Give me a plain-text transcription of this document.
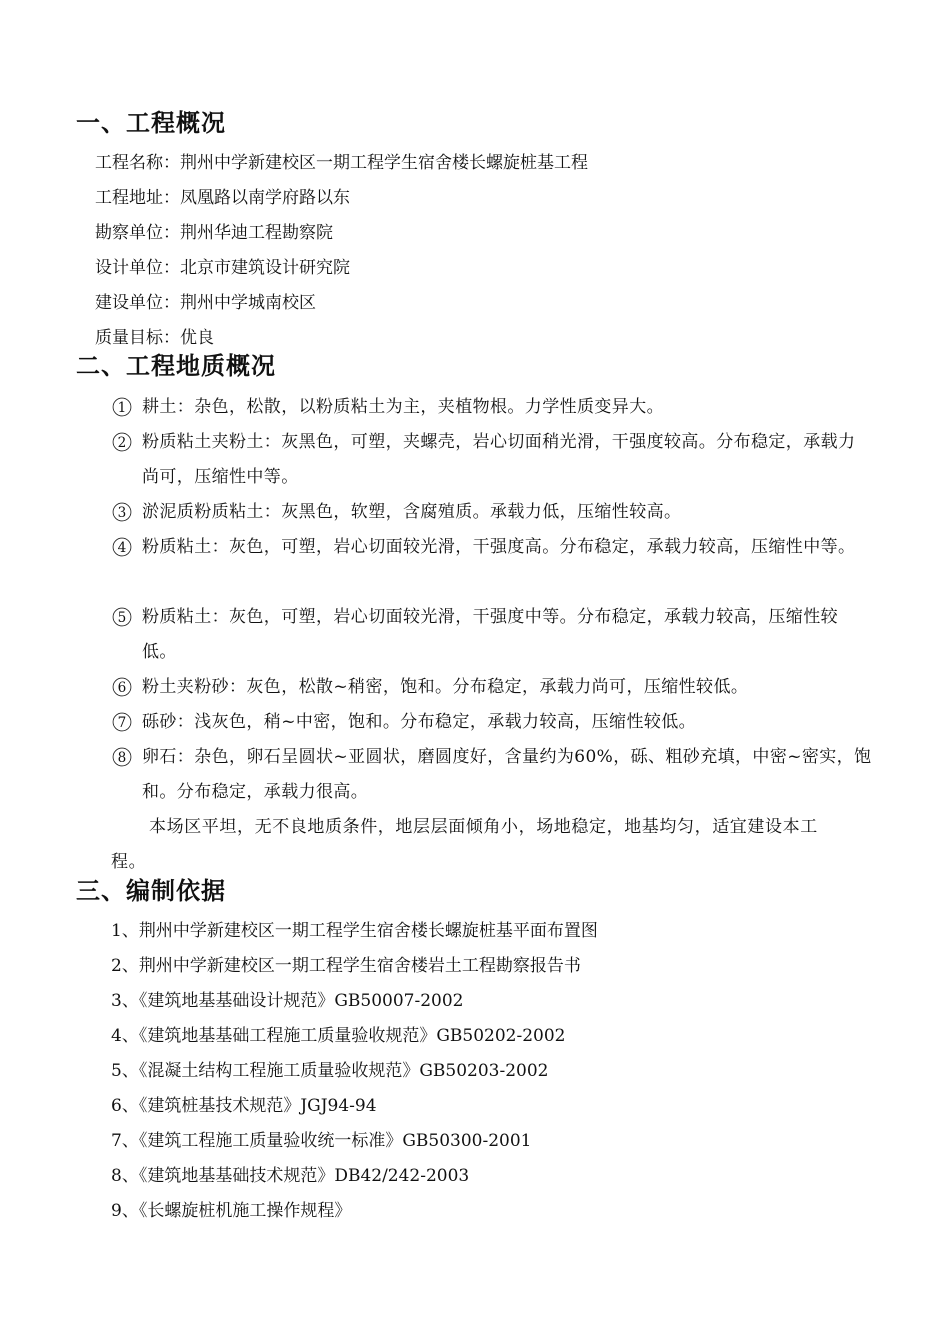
一、工程概况
工程名称：荆州中学新建校区一期工程学生宿舍楼长螺旋桩基工程
工程地址：凤凰路以南学府路以东
勘察单位：荆州华迪工程勘察院
设计单位：北京市建筑设计研究院
建设单位：荆州中学城南校区
质量目标：优良
二、工程地质概况
1 耕土：杂色，松散，以粉质粘土为主，夹植物根。力学性质变异大。
2 粉质粘土夹粉土：灰黑色，可塑，夹螺壳，岩心切面稍光滑，干强度较高。分布稳定，承载力尚可，压缩性中等。
3 淤泥质粉质粘土：灰黑色，软塑，含腐殖质。承载力低，压缩性较高。
4 粉质粘土：灰色，可塑，岩心切面较光滑，干强度高。分布稳定，承载力较高，压缩性中等。
5 粉质粘土：灰色，可塑，岩心切面较光滑，干强度中等。分布稳定，承载力较高，压缩性较低。
6 粉土夹粉砂：灰色，松散~稍密，饱和。分布稳定，承载力尚可，压缩性较低。
7 砾砂：浅灰色，稍~中密，饱和。分布稳定，承载力较高，压缩性较低。
8 卵石：杂色，卵石呈圆状~亚圆状，磨圆度好，含量约为60%，砾、粗砂充填，中密~密实，饱和。分布稳定，承载力很高。
本场区平坦，无不良地质条件，地层层面倾角小，场地稳定，地基均匀，适宜建设本工程。
三、编制依据
1、荆州中学新建校区一期工程学生宿舍楼长螺旋桩基平面布置图
2、荆州中学新建校区一期工程学生宿舍楼岩土工程勘察报告书
3、《建筑地基基础设计规范》GB50007-2002
4、《建筑地基基础工程施工质量验收规范》GB50202-2002
5、《混凝土结构工程施工质量验收规范》GB50203-2002
6、《建筑桩基技术规范》JGJ94-94
7、《建筑工程施工质量验收统一标准》GB50300-2001
8、《建筑地基基础技术规范》DB42/242-2003
9、《长螺旋桩机施工操作规程》
